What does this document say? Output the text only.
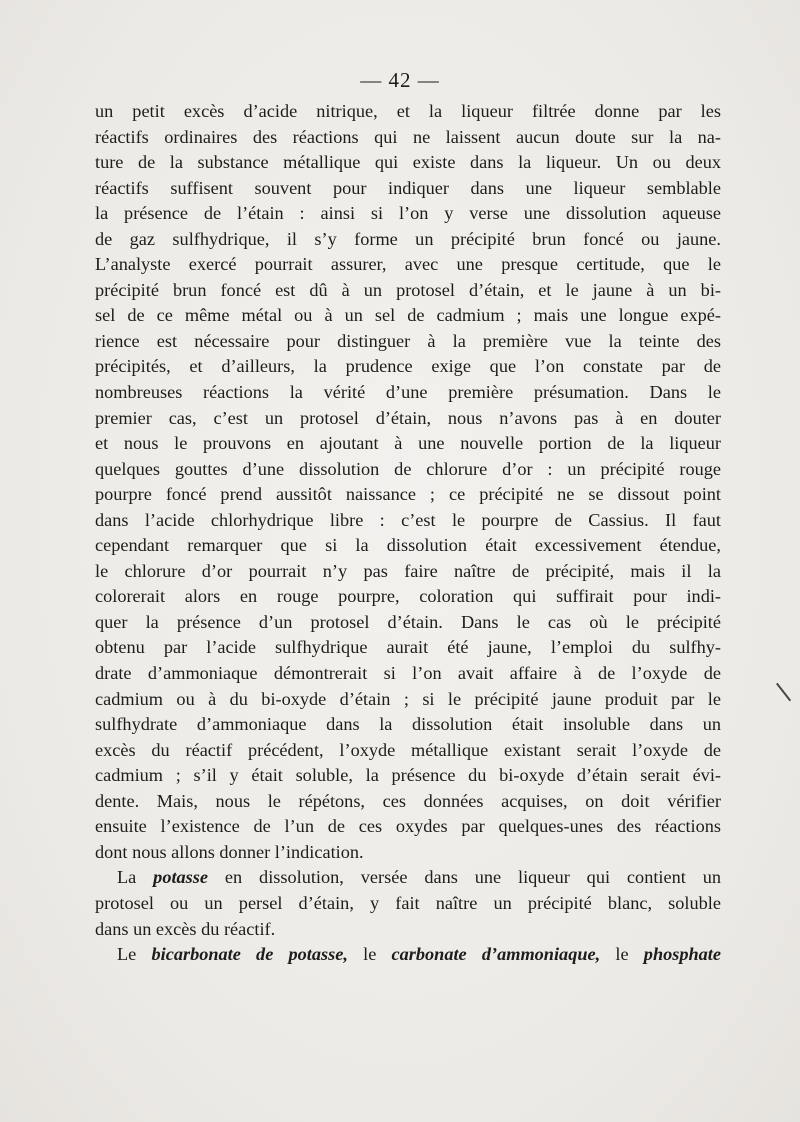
— 42 —
un petit excès d’acide nitrique, et la liqueur filtrée donne par les
réactifs ordinaires des réactions qui ne laissent aucun doute sur la na-
ture de la substance métallique qui existe dans la liqueur. Un ou deux
réactifs suffisent souvent pour indiquer dans une liqueur semblable
la présence de l’étain : ainsi si l’on y verse une dissolution aqueuse
de gaz sulfhydrique, il s’y forme un précipité brun foncé ou jaune.
L’analyste exercé pourrait assurer, avec une presque certitude, que le
précipité brun foncé est dû à un protosel d’étain, et le jaune à un bi-
sel de ce même métal ou à un sel de cadmium ; mais une longue expé-
rience est nécessaire pour distinguer à la première vue la teinte des
précipités, et d’ailleurs, la prudence exige que l’on constate par de
nombreuses réactions la vérité d’une première présumation. Dans le
premier cas, c’est un protosel d’étain, nous n’avons pas à en douter
et nous le prouvons en ajoutant à une nouvelle portion de la liqueur
quelques gouttes d’une dissolution de chlorure d’or : un précipité rouge
pourpre foncé prend aussitôt naissance ; ce précipité ne se dissout point
dans l’acide chlorhydrique libre : c’est le pourpre de Cassius. Il faut
cependant remarquer que si la dissolution était excessivement étendue,
le chlorure d’or pourrait n’y pas faire naître de précipité, mais il la
colorerait alors en rouge pourpre, coloration qui suffirait pour indi-
quer la présence d’un protosel d’étain. Dans le cas où le précipité
obtenu par l’acide sulfhydrique aurait été jaune, l’emploi du sulfhy-
drate d’ammoniaque démontrerait si l’on avait affaire à de l’oxyde de
cadmium ou à du bi-oxyde d’étain ; si le précipité jaune produit par le
sulfhydrate d’ammoniaque dans la dissolution était insoluble dans un
excès du réactif précédent, l’oxyde métallique existant serait l’oxyde de
cadmium ; s’il y était soluble, la présence du bi-oxyde d’étain serait évi-
dente. Mais, nous le répétons, ces données acquises, on doit vérifier
ensuite l’existence de l’un de ces oxydes par quelques-unes des réactions
dont nous allons donner l’indication.
La potasse en dissolution, versée dans une liqueur qui contient un
protosel ou un persel d’étain, y fait naître un précipité blanc, soluble
dans un excès du réactif.
Le bicarbonate de potasse, le carbonate d’ammoniaque, le phosphate
